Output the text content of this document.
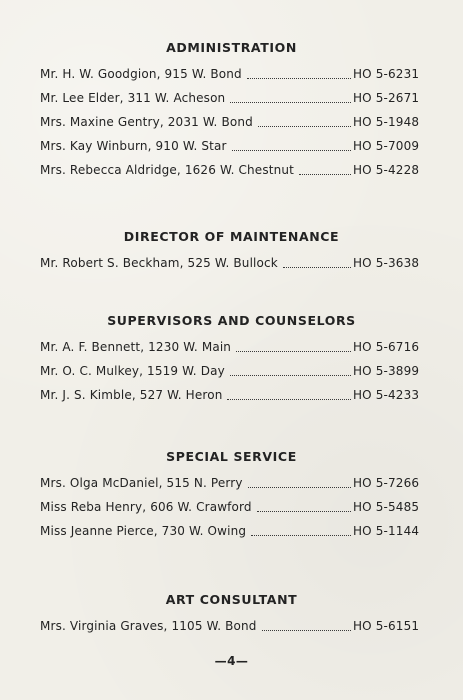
ADMINISTRATION
Mr. H. W. Goodgion, 915 W. Bond	HO 5-6231
Mr. Lee Elder, 311 W. Acheson	HO 5-2671
Mrs. Maxine Gentry, 2031 W. Bond	HO 5-1948
Mrs. Kay Winburn, 910 W. Star	HO 5-7009
Mrs. Rebecca Aldridge, 1626 W. Chestnut	HO 5-4228
DIRECTOR OF MAINTENANCE
Mr. Robert S. Beckham, 525 W. Bullock	HO 5-3638
SUPERVISORS AND COUNSELORS
Mr. A. F. Bennett, 1230 W. Main	HO 5-6716
Mr. O. C. Mulkey, 1519 W. Day	HO 5-3899
Mr. J. S. Kimble, 527 W. Heron	HO 5-4233
SPECIAL SERVICE
Mrs. Olga McDaniel, 515 N. Perry	HO 5-7266
Miss Reba Henry, 606 W. Crawford	HO 5-5485
Miss Jeanne Pierce, 730 W. Owing	HO 5-1144
ART CONSULTANT
Mrs. Virginia Graves, 1105 W. Bond	HO 5-6151
—4—
